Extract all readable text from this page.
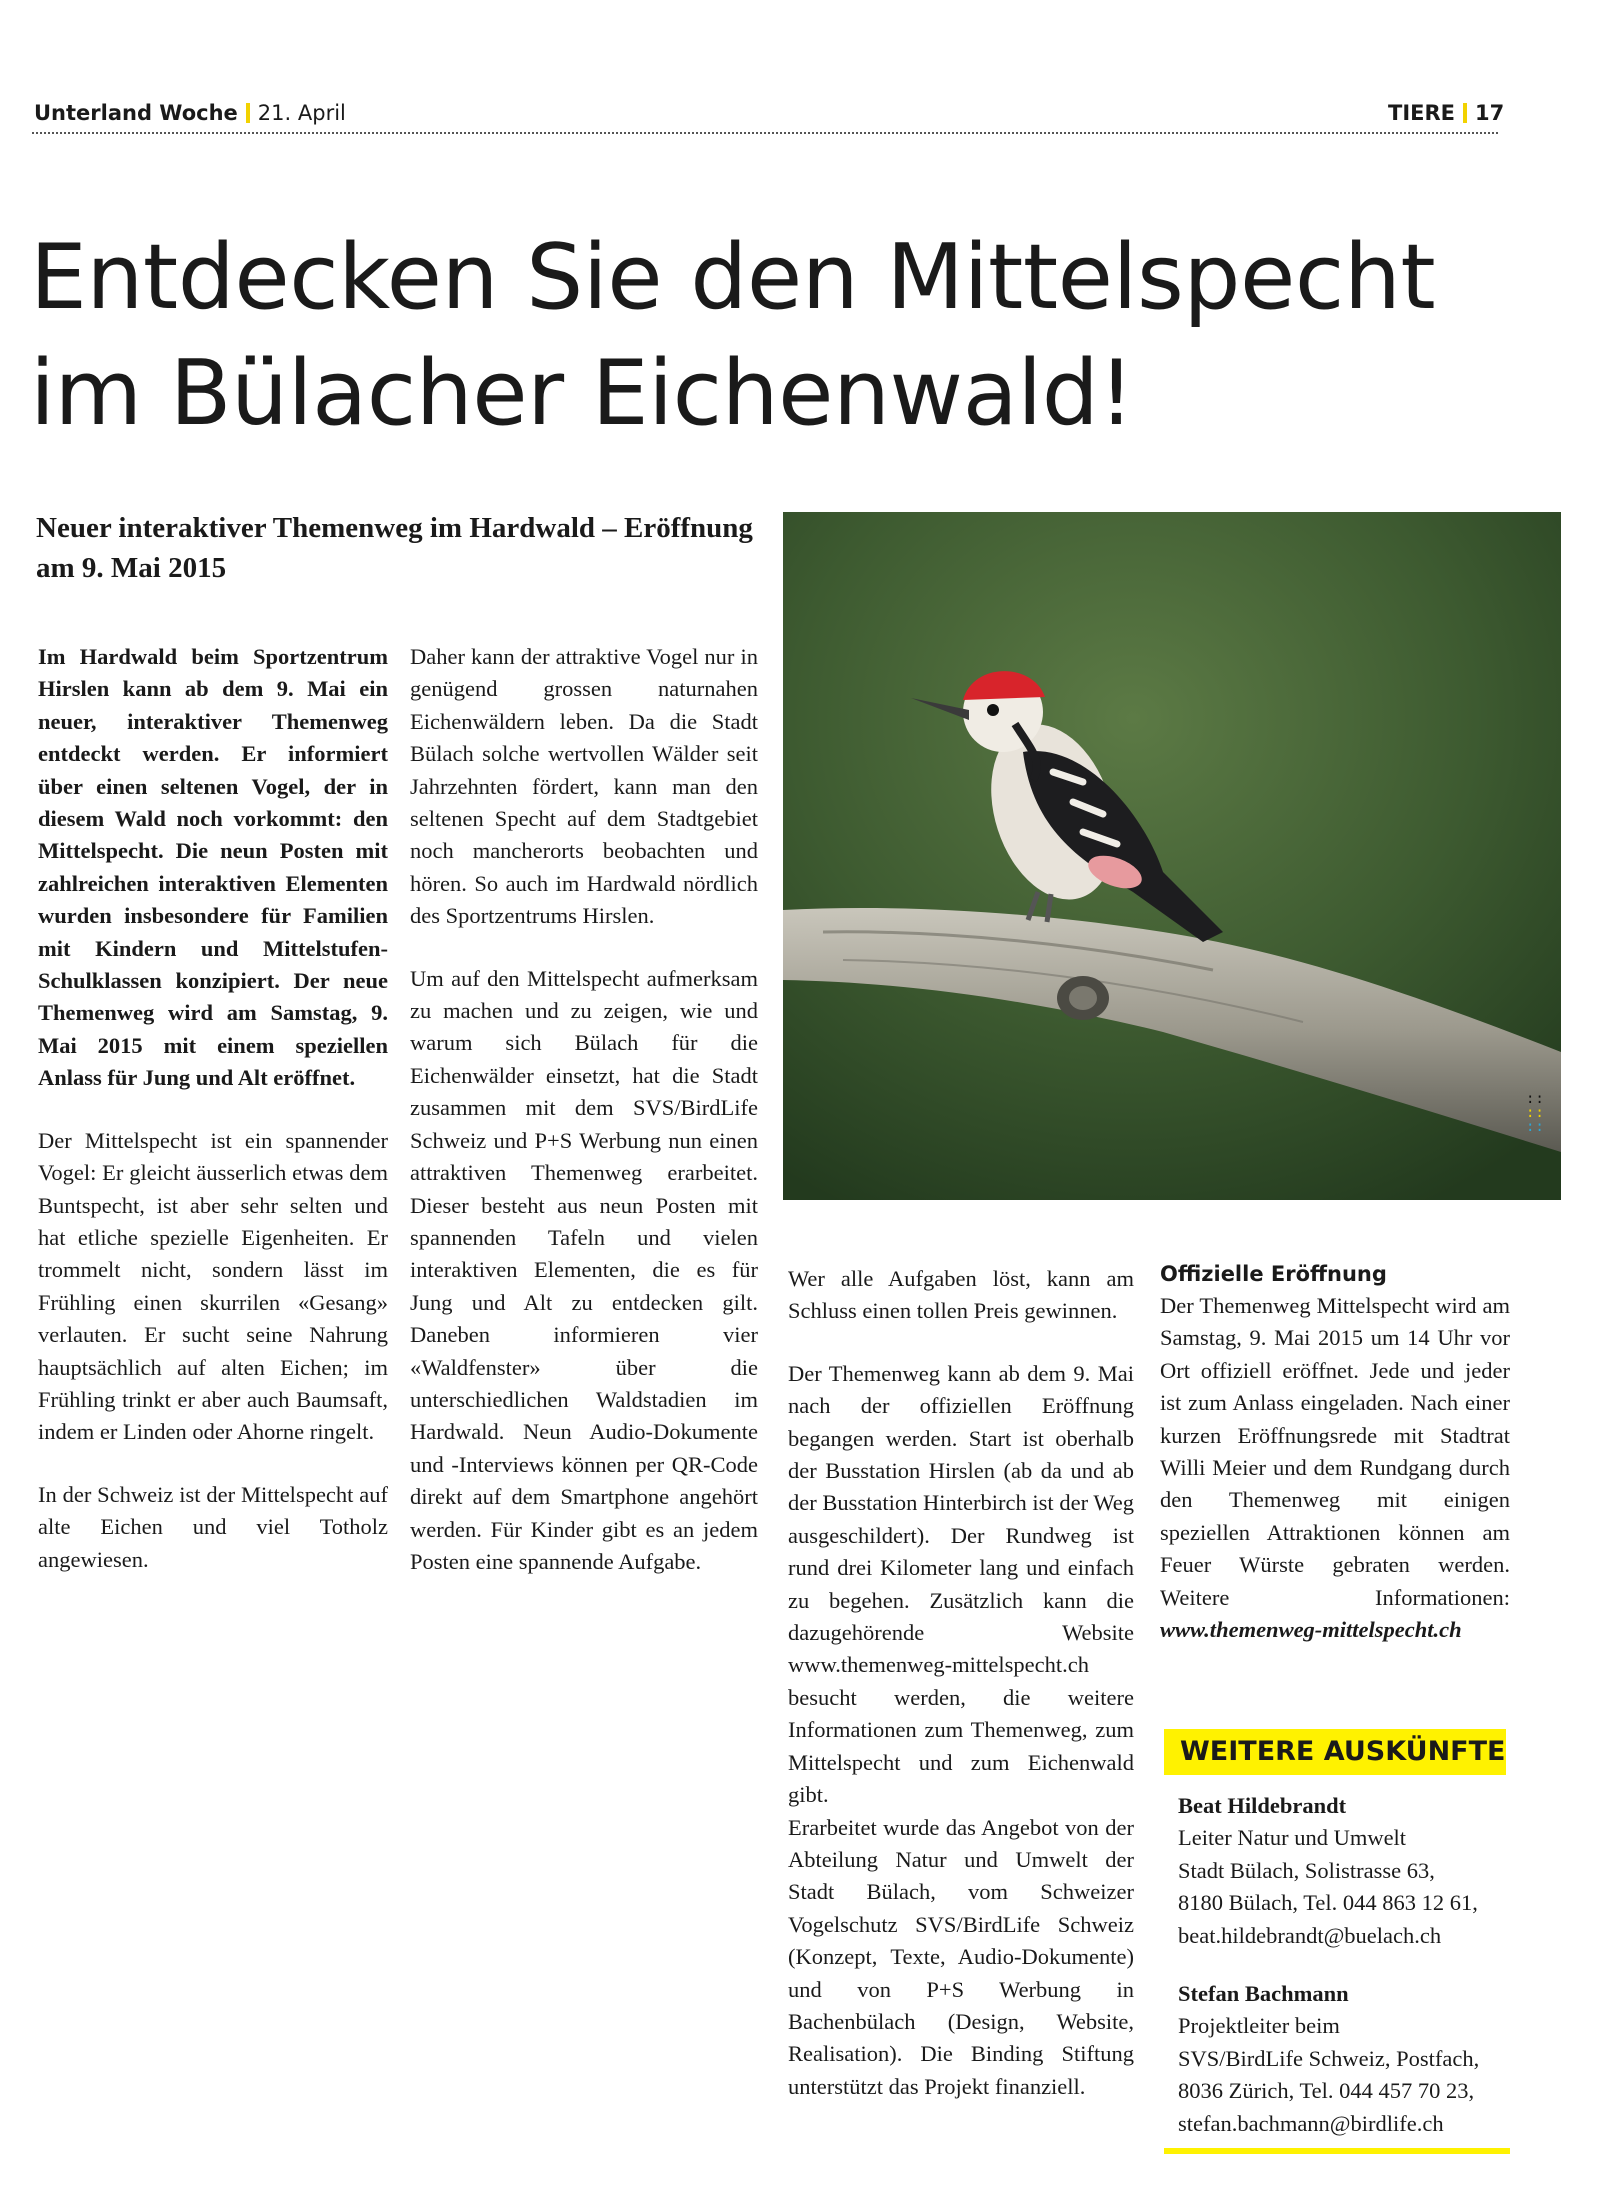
Unterland Woche 21. April	TIERE 17
Entdecken Sie den Mittelspecht
im Bülacher Eichenwald!
Neuer interaktiver Themenweg im Hardwald – Eröffnung am 9. Mai 2015

Im Hardwald beim Sportzentrum Hirslen kann ab dem 9. Mai ein neuer, interaktiver Themenweg entdeckt werden. Er informiert über einen seltenen Vogel, der in diesem Wald noch vorkommt: den Mittelspecht. Die neun Posten mit zahlreichen interaktiven Elementen wurden insbesondere für Familien mit Kindern und Mittelstufen-Schulklassen konzipiert. Der neue Themenweg wird am Samstag, 9. Mai 2015 mit einem speziellen Anlass für Jung und Alt eröffnet.

Der Mittelspecht ist ein spannender Vogel: Er gleicht äusserlich etwas dem Buntspecht, ist aber sehr selten und hat etliche spezielle Eigenheiten. Er trommelt nicht, sondern lässt im Frühling einen skurrilen «Gesang» verlauten. Er sucht seine Nahrung hauptsächlich auf alten Eichen; im Frühling trinkt er aber auch Baumsaft, indem er Linden oder Ahorne ringelt.

In der Schweiz ist der Mittelspecht auf alte Eichen und viel Totholz angewiesen.

Daher kann der attraktive Vogel nur in genügend grossen naturnahen Eichenwäldern leben. Da die Stadt Bülach solche wertvollen Wälder seit Jahrzehnten fördert, kann man den seltenen Specht auf dem Stadtgebiet noch mancherorts beobachten und hören. So auch im Hardwald nördlich des Sportzentrums Hirslen.

Um auf den Mittelspecht aufmerksam zu machen und zu zeigen, wie und warum sich Bülach für die Eichenwälder einsetzt, hat die Stadt zusammen mit dem SVS/BirdLife Schweiz und P+S Werbung nun einen attraktiven Themenweg erarbeitet. Dieser besteht aus neun Posten mit spannenden Tafeln und vielen interaktiven Elementen, die es für Jung und Alt zu entdecken gilt. Daneben informieren vier «Waldfenster» über die unterschiedlichen Waldstadien im Hardwald. Neun Audio-Dokumente und -Interviews können per QR-Code direkt auf dem Smartphone angehört werden. Für Kinder gibt es an jedem Posten eine spannende Aufgabe.

Wer alle Aufgaben löst, kann am Schluss einen tollen Preis gewinnen.

Der Themenweg kann ab dem 9. Mai nach der offiziellen Eröffnung begangen werden. Start ist oberhalb der Busstation Hirslen (ab da und ab der Busstation Hinterbirch ist der Weg ausgeschildert). Der Rundweg ist rund drei Kilometer lang und einfach zu begehen. Zusätzlich kann die dazugehörende Website www.themenweg-mittelspecht.ch besucht werden, die weitere Informationen zum Themenweg, zum Mittelspecht und zum Eichenwald gibt.

Erarbeitet wurde das Angebot von der Abteilung Natur und Umwelt der Stadt Bülach, vom Schweizer Vogelschutz SVS/BirdLife Schweiz (Konzept, Texte, Audio-Dokumente) und von P+S Werbung in Bachenbülach (Design, Website, Realisation). Die Binding Stiftung unterstützt das Projekt finanziell.

Offizielle Eröffnung

Der Themenweg Mittelspecht wird am Samstag, 9. Mai 2015 um 14 Uhr vor Ort offiziell eröffnet. Jede und jeder ist zum Anlass eingeladen. Nach einer kurzen Eröffnungsrede mit Stadtrat Willi Meier und dem Rundgang durch den Themenweg mit einigen speziellen Attraktionen können am Feuer Würste gebraten werden. Weitere Informationen: www.themenweg-mittelspecht.ch

WEITERE AUSKÜNFTE

Beat Hildebrandt
Leiter Natur und Umwelt
Stadt Bülach, Solistrasse 63,
8180 Bülach, Tel. 044 863 12 61,
beat.hildebrandt@buelach.ch

Stefan Bachmann
Projektleiter beim
SVS/BirdLife Schweiz, Postfach,
8036 Zürich, Tel. 044 457 70 23,
stefan.bachmann@birdlife.ch

::
::
::
